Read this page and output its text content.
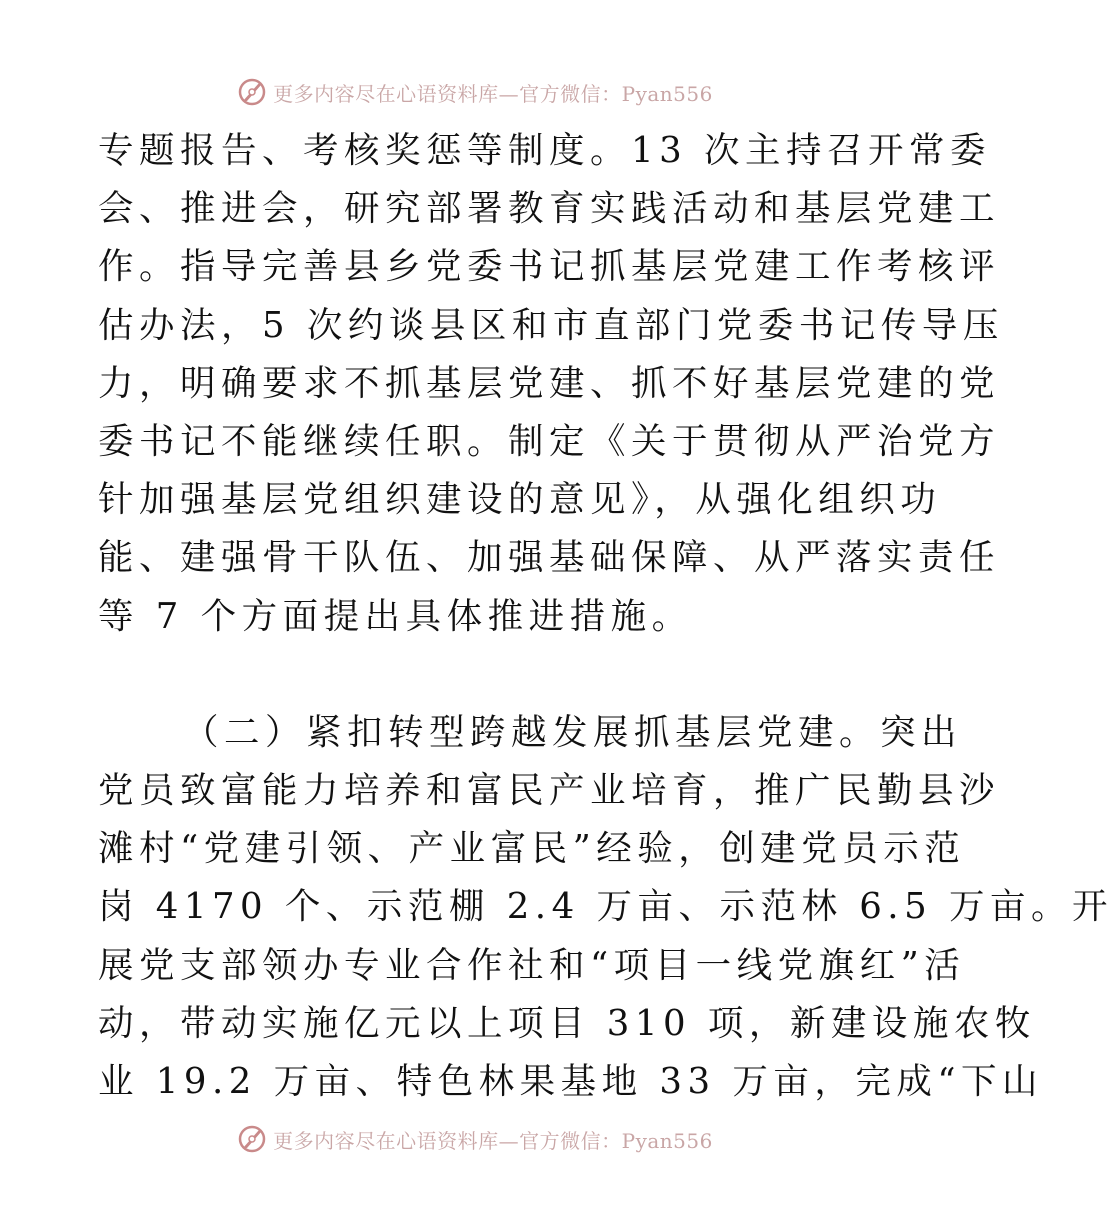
更多内容尽在心语资料库—官方微信：Pyan556
专题报告、考核奖惩等制度。13 次主持召开常委
会、推进会，研究部署教育实践活动和基层党建工
作。指导完善县乡党委书记抓基层党建工作考核评
估办法，5 次约谈县区和市直部门党委书记传导压
力，明确要求不抓基层党建、抓不好基层党建的党
委书记不能继续任职。制定《关于贯彻从严治党方
针加强基层党组织建设的意见》，从强化组织功
能、建强骨干队伍、加强基础保障、从严落实责任
等 7 个方面提出具体推进措施。
（二）紧扣转型跨越发展抓基层党建。突出
党员致富能力培养和富民产业培育，推广民勤县沙
滩村“党建引领、产业富民”经验，创建党员示范
岗 4170 个、示范棚 2.4 万亩、示范林 6.5 万亩。开
展党支部领办专业合作社和“项目一线党旗红”活
动，带动实施亿元以上项目 310 项，新建设施农牧
业 19.2 万亩、特色林果基地 33 万亩，完成“下山
更多内容尽在心语资料库—官方微信：Pyan556
